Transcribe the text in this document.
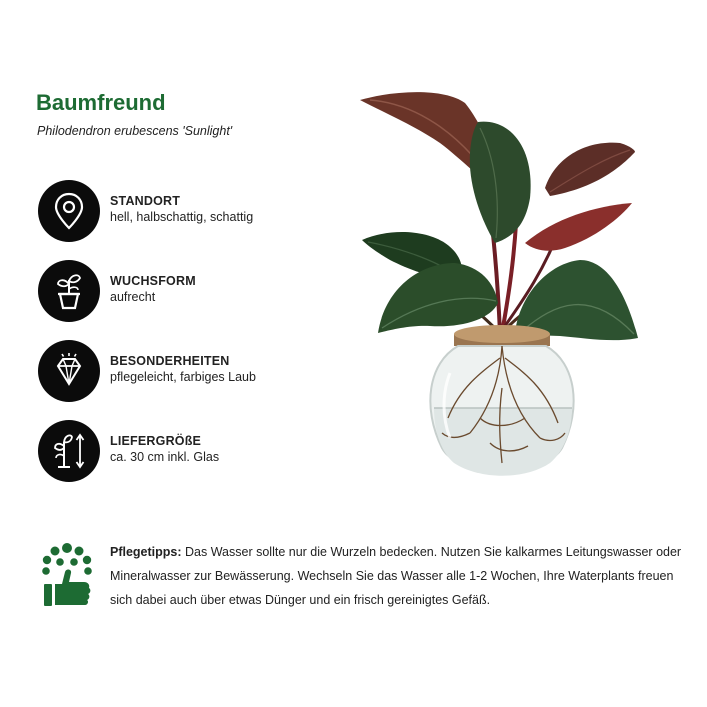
Baumfreund
Philodendron erubescens 'Sunlight'
STANDORT
hell, halbschattig, schattig
WUCHSFORM
aufrecht
BESONDERHEITEN
pflegeleicht, farbiges Laub
LIEFERGRÖßE
ca. 30 cm inkl. Glas
Pflegetipps: Das Wasser sollte nur die Wurzeln bedecken. Nutzen Sie kalkarmes Leitungswasser oder Mineralwasser zur Bewässerung. Wechseln Sie das Wasser alle 1-2 Wochen, Ihre Waterplants freuen sich dabei auch über etwas Dünger und ein frisch gereinigtes Gefäß.
